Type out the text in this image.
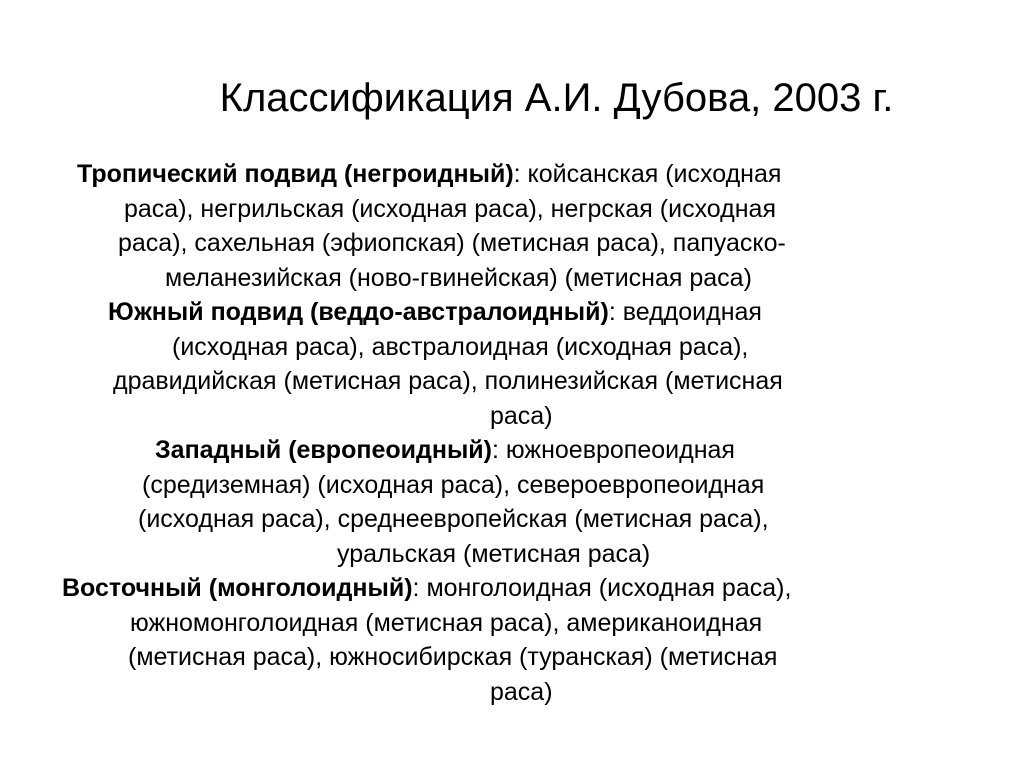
Классификация А.И. Дубова, 2003 г.
Тропический подвид (негроидный): койсанская (исходная
раса), негрильская (исходная раса), негрская (исходная
раса), сахельная (эфиопская) (метисная раса), папуаско-
меланезийская (ново-гвинейская) (метисная раса)
Южный подвид (веддо-австралоидный): веддоидная
(исходная раса), австралоидная (исходная раса),
дравидийская (метисная раса), полинезийская (метисная
раса)
Западный (европеоидный): южноевропеоидная
(средиземная) (исходная раса), североевропеоидная
(исходная раса), среднеевропейская (метисная раса),
уральская (метисная раса)
Восточный (монголоидный): монголоидная (исходная раса),
южномонголоидная (метисная раса), американоидная
(метисная раса), южносибирская (туранская) (метисная
раса)
